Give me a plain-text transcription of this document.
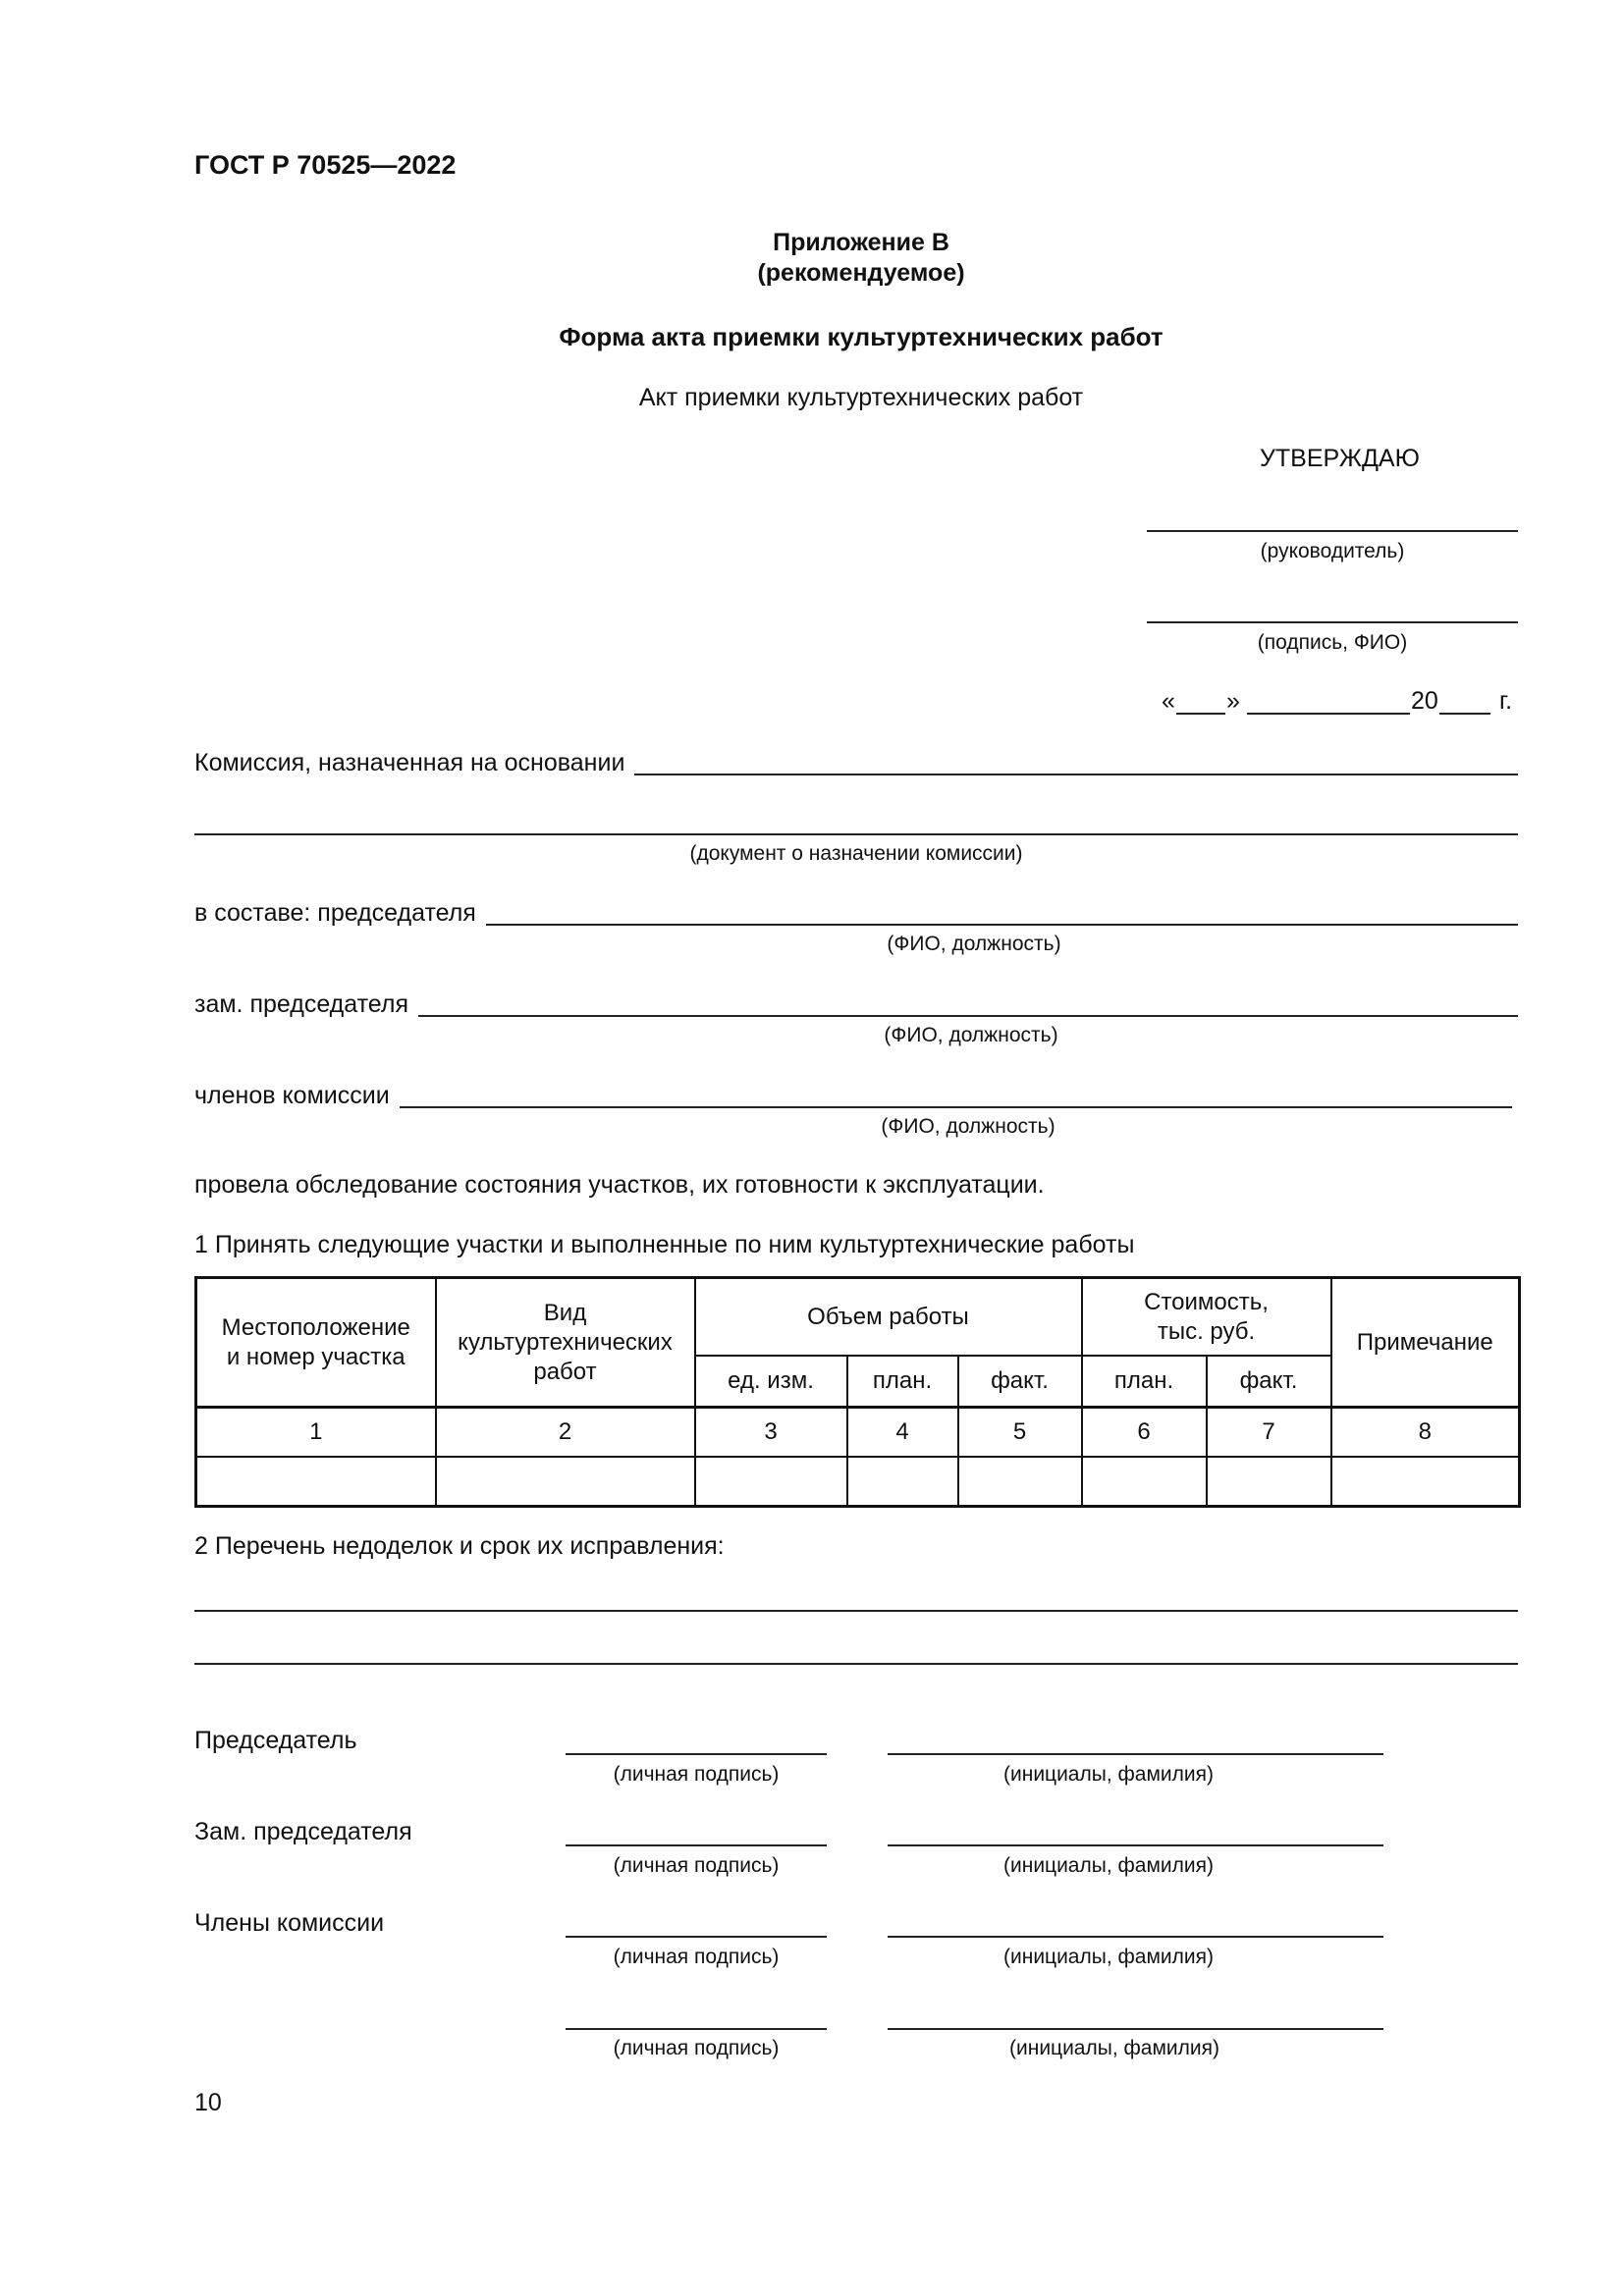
ГОСТ Р 70525—2022
Приложение В
(рекомендуемое)
Форма акта приемки культуртехнических работ
Акт приемки культуртехнических работ
УТВЕРЖДАЮ
(руководитель)
(подпись, ФИО)
« »	20 г.
Комиссия, назначенная на основании
(документ о назначении комиссии)
в составе: председателя
(ФИО, должность)
зам. председателя
(ФИО, должность)
членов комиссии
(ФИО, должность)
провела обследование состояния участков, их готовности к эксплуатации.
1 Принять следующие участки и выполненные по ним культуртехнические работы
Местоположение и номер участка	Вид культуртехнических работ	Объем работы			Стоимость, тыс. руб.		Примечание
		ед. изм.	план.	факт.	план.	факт.	
1	2	3	4	5	6	7	8

2 Перечень недоделок и срок их исправления:
Председатель
(личная подпись)	(инициалы, фамилия)
Зам. председателя
(личная подпись)	(инициалы, фамилия)
Члены комиссии
(личная подпись)	(инициалы, фамилия)
(личная подпись)	(инициалы, фамилия)
10
